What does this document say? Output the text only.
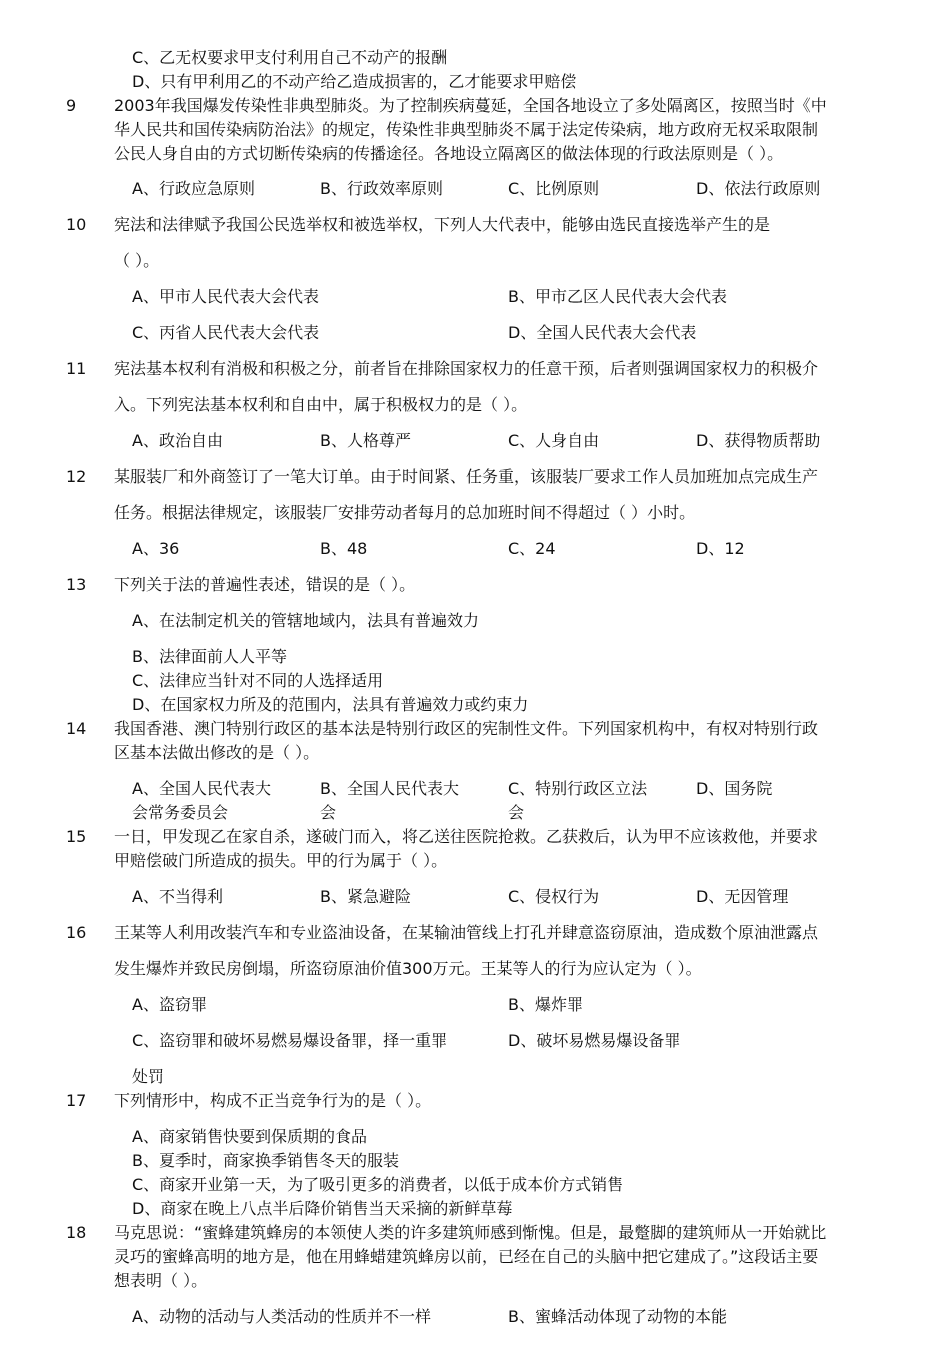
C、乙无权要求甲支付利用自己不动产的报酬
D、只有甲利用乙的不动产给乙造成损害的，乙才能要求甲赔偿
9 2003年我国爆发传染性非典型肺炎。为了控制疾病蔓延，全国各地设立了多处隔离区，按照当时《中
华人民共和国传染病防治法》的规定，传染性非典型肺炎不属于法定传染病，地方政府无权采取限制
公民人身自由的方式切断传染病的传播途径。各地设立隔离区的做法体现的行政法原则是（ ）。
A、行政应急原则	B、行政效率原则	C、比例原则	D、依法行政原则
10 宪法和法律赋予我国公民选举权和被选举权，下列人大代表中，能够由选民直接选举产生的是
（ ）。
A、甲市人民代表大会代表	B、甲市乙区人民代表大会代表
C、丙省人民代表大会代表	D、全国人民代表大会代表
11 宪法基本权利有消极和积极之分，前者旨在排除国家权力的任意干预，后者则强调国家权力的积极介
入。下列宪法基本权利和自由中，属于积极权力的是（ ）。
A、政治自由	B、人格尊严	C、人身自由	D、获得物质帮助
12 某服装厂和外商签订了一笔大订单。由于时间紧、任务重，该服装厂要求工作人员加班加点完成生产
任务。根据法律规定，该服装厂安排劳动者每月的总加班时间不得超过（ ）小时。
A、36	B、48	C、24	D、12
13 下列关于法的普遍性表述，错误的是（ ）。
A、在法制定机关的管辖地域内，法具有普遍效力
B、法律面前人人平等
C、法律应当针对不同的人选择适用
D、在国家权力所及的范围内，法具有普遍效力或约束力
14 我国香港、澳门特别行政区的基本法是特别行政区的宪制性文件。下列国家机构中，有权对特别行政
区基本法做出修改的是（ ）。
A、全国人民代表大
会常务委员会
B、全国人民代表大
会
C、特别行政区立法
会
D、国务院
15 一日，甲发现乙在家自杀，遂破门而入，将乙送往医院抢救。乙获救后，认为甲不应该救他，并要求
甲赔偿破门所造成的损失。甲的行为属于（ ）。
A、不当得利	B、紧急避险	C、侵权行为	D、无因管理
16 王某等人利用改装汽车和专业盗油设备，在某输油管线上打孔并肆意盗窃原油，造成数个原油泄露点
发生爆炸并致民房倒塌，所盗窃原油价值300万元。王某等人的行为应认定为（ ）。
A、盗窃罪	B、爆炸罪
C、盗窃罪和破坏易燃易爆设备罪，择一重罪	D、破坏易燃易爆设备罪
处罚
17 下列情形中，构成不正当竞争行为的是（ ）。
A、商家销售快要到保质期的食品
B、夏季时，商家换季销售冬天的服装
C、商家开业第一天，为了吸引更多的消费者，以低于成本价方式销售
D、商家在晚上八点半后降价销售当天采摘的新鲜草莓
18 马克思说：“蜜蜂建筑蜂房的本领使人类的许多建筑师感到惭愧。但是，最蹩脚的建筑师从一开始就比
灵巧的蜜蜂高明的地方是，他在用蜂蜡建筑蜂房以前，已经在自己的头脑中把它建成了。”这段话主要
想表明（ ）。
A、动物的活动与人类活动的性质并不一样	B、蜜蜂活动体现了动物的本能
